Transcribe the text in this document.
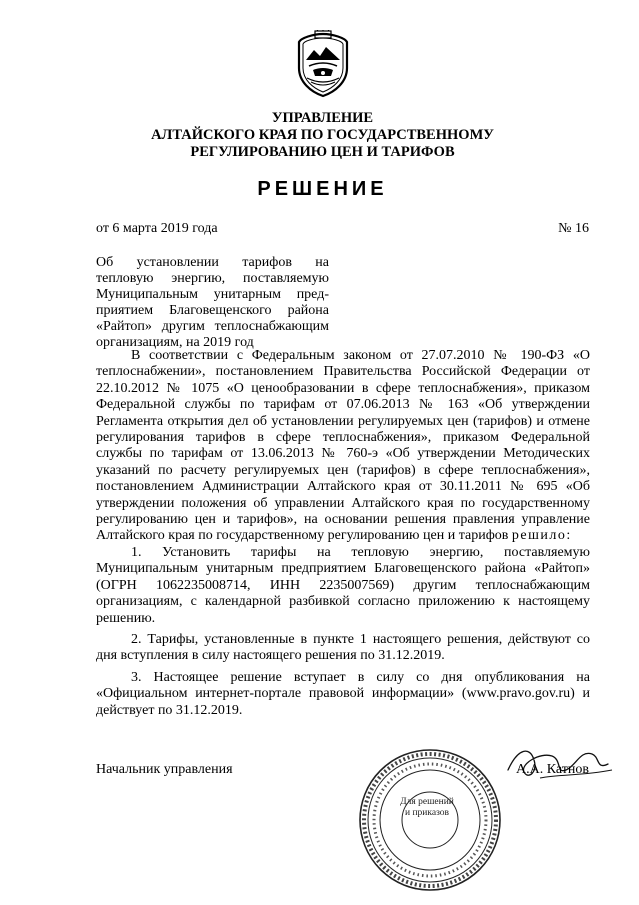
УПРАВЛЕНИЕ
АЛТАЙСКОГО КРАЯ ПО ГОСУДАРСТВЕННОМУ
РЕГУЛИРОВАНИЮ ЦЕН И ТАРИФОВ
РЕШЕНИЕ
от 6 марта 2019 года	№ 16
Об установлении тарифов на
тепловую энергию, поставляемую
Муниципальным унитарным пред-
приятием Благовещенского района
«Райтоп» другим теплоснабжающим
организациям, на 2019 год
В соответствии с Федеральным законом от 27.07.2010 № 190-ФЗ «О
теплоснабжении», постановлением Правительства Российской Федерации от
22.10.2012 № 1075 «О ценообразовании в сфере теплоснабжения», приказом
Федеральной службы по тарифам от 07.06.2013 № 163 «Об утверждении
Регламента открытия дел об установлении регулируемых цен (тарифов) и отмене
регулирования тарифов в сфере теплоснабжения», приказом Федеральной
службы по тарифам от 13.06.2013 № 760-э «Об утверждении Методических
указаний по расчету регулируемых цен (тарифов) в сфере теплоснабжения»,
постановлением Администрации Алтайского края от 30.11.2011 № 695 «Об
утверждении положения об управлении Алтайского края по государственному
регулированию цен и тарифов», на основании решения правления управление
Алтайского края по государственному регулированию цен и тарифов решило:
1. Установить тарифы на тепловую энергию, поставляемую
Муниципальным унитарным предприятием Благовещенского района «Райтоп»
(ОГРН 1062235008714, ИНН 2235007569) другим теплоснабжающим
организациям, с календарной разбивкой согласно приложению к настоящему
решению.
2. Тарифы, установленные в пункте 1 настоящего решения, действуют со
дня вступления в силу настоящего решения по 31.12.2019.
3. Настоящее решение вступает в силу со дня опубликования на
«Официальном интернет-портале правовой информации» (www.pravo.gov.ru) и
действует по 31.12.2019.
Начальник управления	А.А. Катнов
Для решений
и приказов
